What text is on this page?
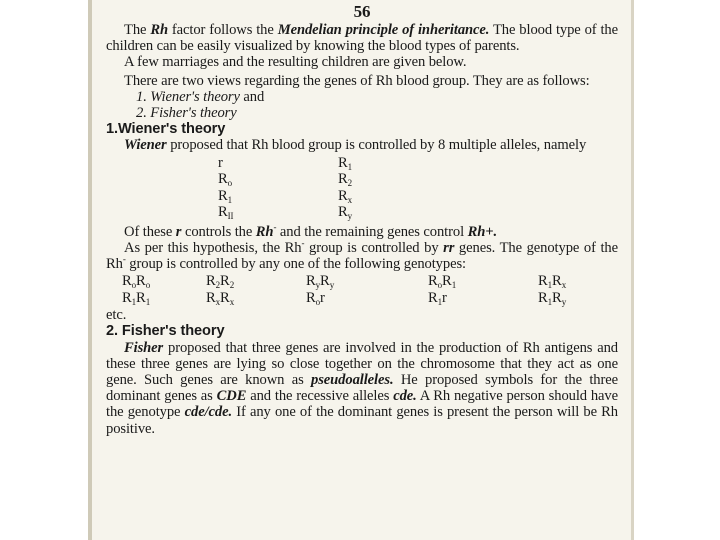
56

The Rh factor follows the Mendelian principle of inheritance. The blood type of the children can be easily visualized by knowing the blood types of parents.

A few marriages and the resulting children are given below.

There are two views regarding the genes of Rh blood group. They are as follows:

1. Wiener's theory and

2. Fisher's theory

1.Wiener's theory

Wiener proposed that Rh blood group is controlled by 8 multiple alleles, namely

r
$R_o$
$R_1$
$R_{II}$
$R_1$
$R_2$
$R_x$
$R_y$

Of these r controls the Rh- and the remaining genes control Rh+.

As per this hypothesis, the Rh- group is controlled by rr genes. The genotype of the Rh- group is controlled by any one of the following genotypes:

$R_oR_o$
$R_1R_1$
$R_2R_2$
$R_xR_x$
$R_yR_y$
$R_or$
$R_oR_1$
$R_1r$
$R_1R_x$
$R_1R_y$

etc.

2. Fisher's theory

Fisher proposed that three genes are involved in the production of Rh antigens and these three genes are lying so close together on the chromosome that they act as one gene. Such genes are known as pseudoalleles. He proposed symbols for the three dominant genes as CDE and the recessive alleles cde. A Rh negative person should have the genotype cde/cde. If any one of the dominant genes is present the person will be Rh positive.
